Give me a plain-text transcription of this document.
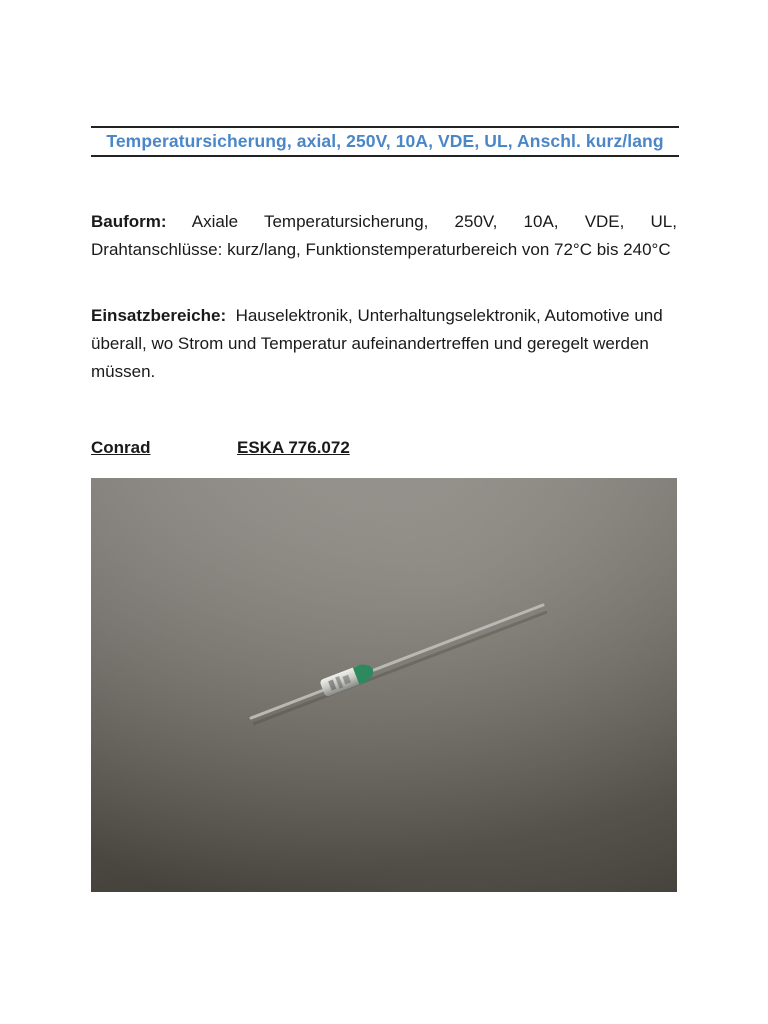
Temperatursicherung, axial, 250V, 10A, VDE, UL, Anschl. kurz/lang
Bauform: Axiale Temperatursicherung, 250V, 10A, VDE, UL, Drahtanschlüsse: kurz/lang, Funktionstemperaturbereich von 72°C bis 240°C
Einsatzbereiche: Hauselektronik, Unterhaltungselektronik, Automotive und überall, wo Strom und Temperatur aufeinandertreffen und geregelt werden müssen.
Conrad	ESKA 776.072
